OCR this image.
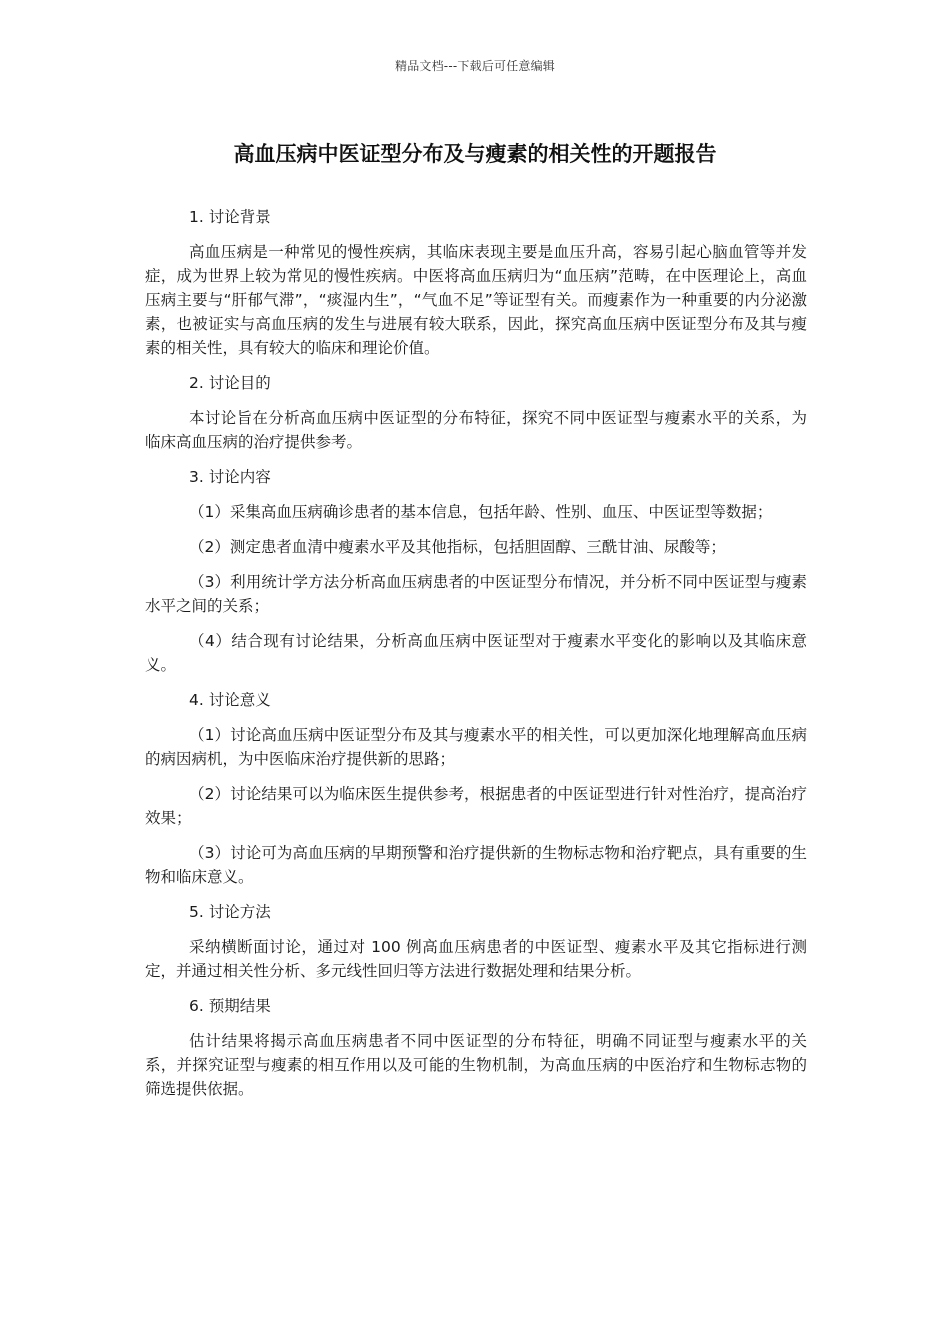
精品文档---下载后可任意编辑
高血压病中医证型分布及与瘦素的相关性的开题报告

1. 讨论背景

高血压病是一种常见的慢性疾病，其临床表现主要是血压升高，容易引起心脑血管等并发症，成为世界上较为常见的慢性疾病。中医将高血压病归为“血压病”范畴，在中医理论上，高血压病主要与“肝郁气滞”，“痰湿内生”，“气血不足”等证型有关。而瘦素作为一种重要的内分泌激素，也被证实与高血压病的发生与进展有较大联系，因此，探究高血压病中医证型分布及其与瘦素的相关性，具有较大的临床和理论价值。

2. 讨论目的

本讨论旨在分析高血压病中医证型的分布特征，探究不同中医证型与瘦素水平的关系，为临床高血压病的治疗提供参考。

3. 讨论内容

（1）采集高血压病确诊患者的基本信息，包括年龄、性别、血压、中医证型等数据；

（2）测定患者血清中瘦素水平及其他指标，包括胆固醇、三酰甘油、尿酸等；

（3）利用统计学方法分析高血压病患者的中医证型分布情况，并分析不同中医证型与瘦素水平之间的关系；

（4）结合现有讨论结果，分析高血压病中医证型对于瘦素水平变化的影响以及其临床意义。

4. 讨论意义

（1）讨论高血压病中医证型分布及其与瘦素水平的相关性，可以更加深化地理解高血压病的病因病机，为中医临床治疗提供新的思路；

（2）讨论结果可以为临床医生提供参考，根据患者的中医证型进行针对性治疗，提高治疗效果；

（3）讨论可为高血压病的早期预警和治疗提供新的生物标志物和治疗靶点，具有重要的生物和临床意义。

5. 讨论方法

采纳横断面讨论，通过对 100 例高血压病患者的中医证型、瘦素水平及其它指标进行测定，并通过相关性分析、多元线性回归等方法进行数据处理和结果分析。

6. 预期结果

估计结果将揭示高血压病患者不同中医证型的分布特征，明确不同证型与瘦素水平的关系，并探究证型与瘦素的相互作用以及可能的生物机制，为高血压病的中医治疗和生物标志物的筛选提供依据。
